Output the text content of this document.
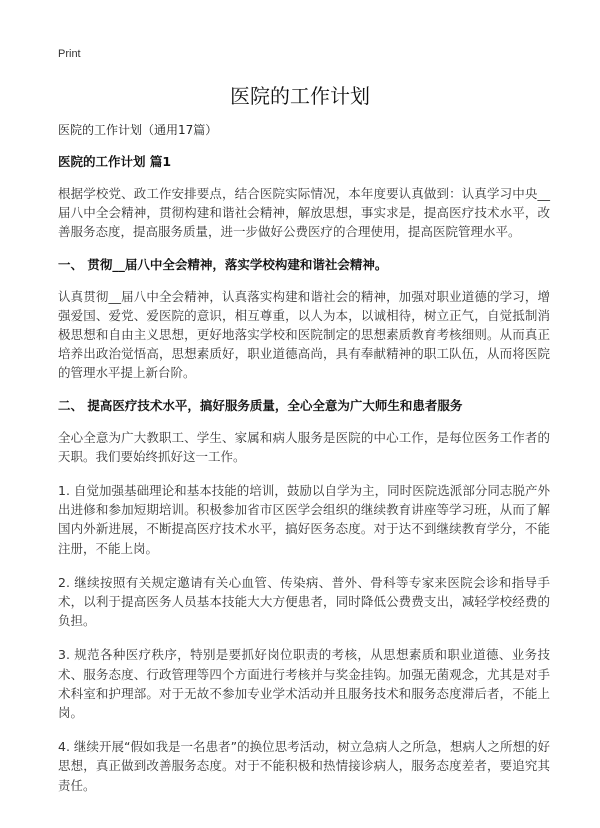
Print
医院的工作计划

医院的工作计划（通用17篇）

医院的工作计划 篇1

根据学校党、政工作安排要点，结合医院实际情况，本年度要认真做到：认真学习中央__届八中全会精神，贯彻构建和谐社会精神，解放思想，事实求是，提高医疗技术水平，改善服务态度，提高服务质量，进一步做好公费医疗的合理使用，提高医院管理水平。

一、 贯彻__届八中全会精神，落实学校构建和谐社会精神。

认真贯彻__届八中全会精神，认真落实构建和谐社会的精神，加强对职业道德的学习，增强爱国、爱党、爱医院的意识，相互尊重，以人为本，以诚相待，树立正气，自觉抵制消极思想和自由主义思想，更好地落实学校和医院制定的思想素质教育考核细则。从而真正培养出政治觉悟高，思想素质好，职业道德高尚，具有奉献精神的职工队伍，从而将医院的管理水平提上新台阶。

二、 提高医疗技术水平，搞好服务质量，全心全意为广大师生和患者服务

全心全意为广大教职工、学生、家属和病人服务是医院的中心工作，是每位医务工作者的天职。我们要始终抓好这一工作。

1. 自觉加强基础理论和基本技能的培训，鼓励以自学为主，同时医院选派部分同志脱产外出进修和参加短期培训。积极参加省市区医学会组织的继续教育讲座等学习班，从而了解国内外新进展，不断提高医疗技术水平，搞好医务态度。对于达不到继续教育学分，不能注册，不能上岗。

2. 继续按照有关规定邀请有关心血管、传染病、普外、骨科等专家来医院会诊和指导手术，以利于提高医务人员基本技能大大方便患者，同时降低公费费支出，减轻学校经费的负担。

3. 规范各种医疗秩序，特别是要抓好岗位职责的考核，从思想素质和职业道德、业务技术、服务态度、行政管理等四个方面进行考核并与奖金挂钩。加强无菌观念，尤其是对手术科室和护理部。对于无故不参加专业学术活动并且服务技术和服务态度滞后者，不能上岗。

4. 继续开展“假如我是一名患者”的换位思考活动，树立急病人之所急，想病人之所想的好思想，真正做到改善服务态度。对于不能积极和热情接诊病人，服务态度差者，要追究其责任。
